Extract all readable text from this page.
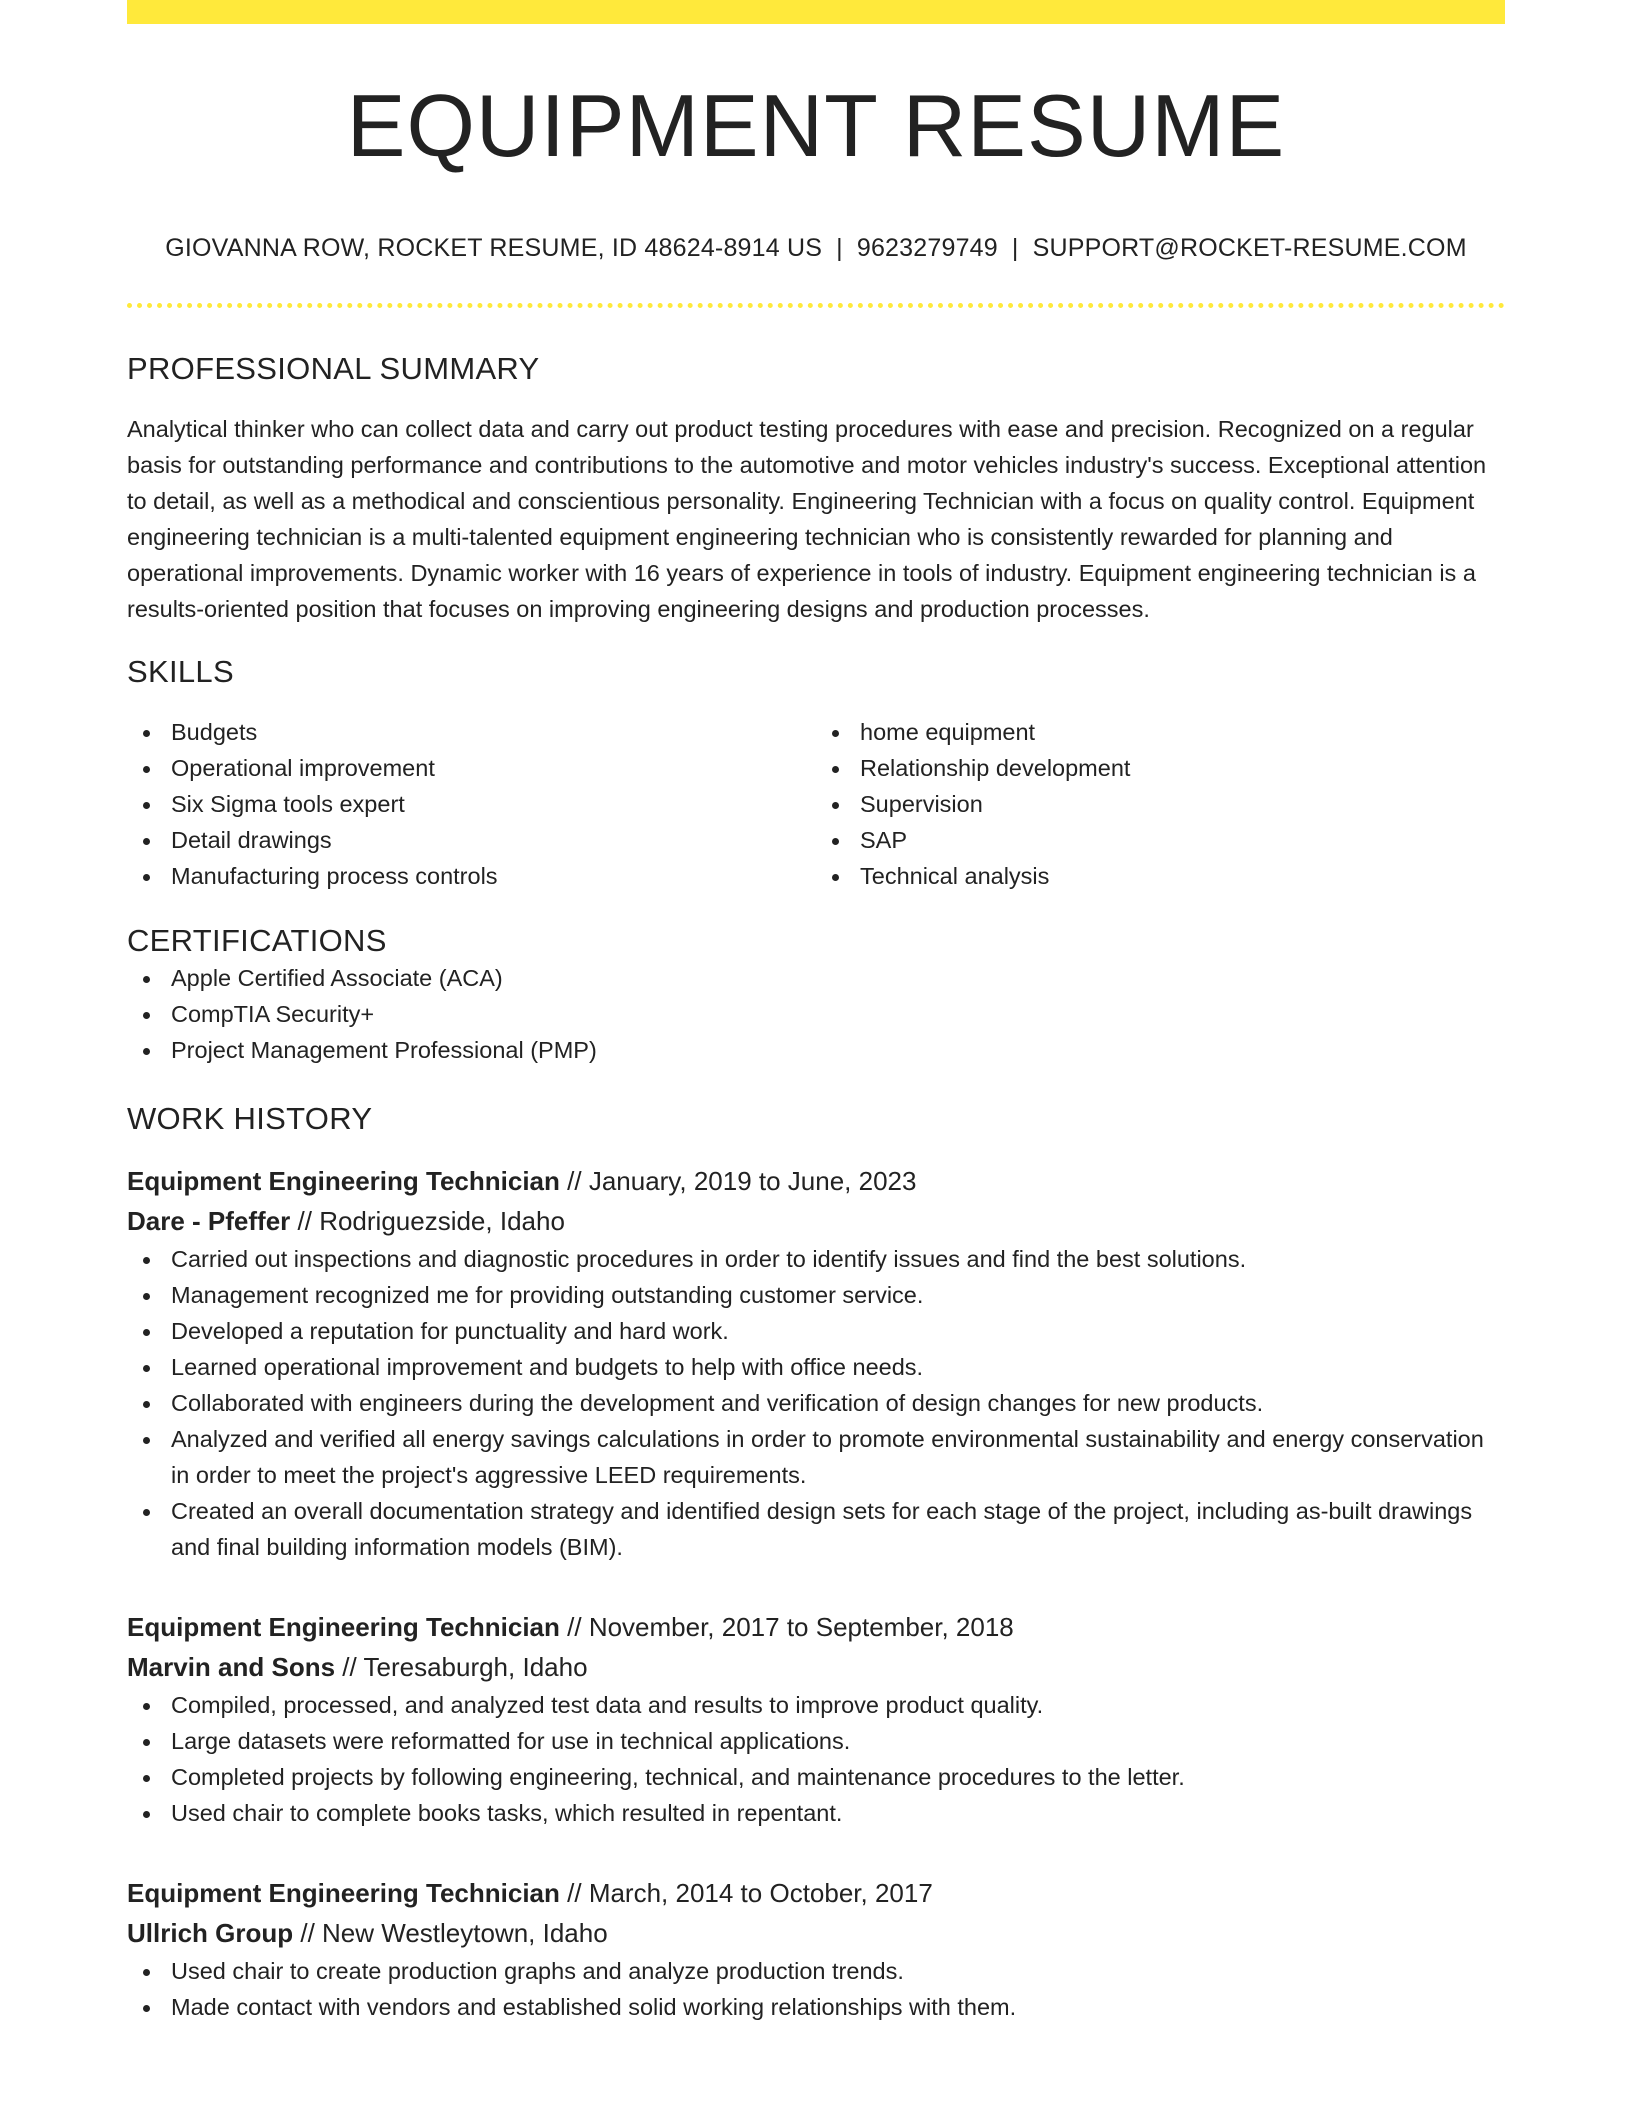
EQUIPMENT RESUME
GIOVANNA ROW, ROCKET RESUME, ID 48624-8914 US | 9623279749 | SUPPORT@ROCKET-RESUME.COM
PROFESSIONAL SUMMARY
Analytical thinker who can collect data and carry out product testing procedures with ease and precision. Recognized on a regular basis for outstanding performance and contributions to the automotive and motor vehicles industry's success. Exceptional attention to detail, as well as a methodical and conscientious personality. Engineering Technician with a focus on quality control. Equipment engineering technician is a multi-talented equipment engineering technician who is consistently rewarded for planning and operational improvements. Dynamic worker with 16 years of experience in tools of industry. Equipment engineering technician is a results-oriented position that focuses on improving engineering designs and production processes.
SKILLS
Budgets
Operational improvement
Six Sigma tools expert
Detail drawings
Manufacturing process controls
home equipment
Relationship development
Supervision
SAP
Technical analysis
CERTIFICATIONS
Apple Certified Associate (ACA)
CompTIA Security+
Project Management Professional (PMP)
WORK HISTORY
Equipment Engineering Technician // January, 2019 to June, 2023
Dare - Pfeffer // Rodriguezside, Idaho
Carried out inspections and diagnostic procedures in order to identify issues and find the best solutions.
Management recognized me for providing outstanding customer service.
Developed a reputation for punctuality and hard work.
Learned operational improvement and budgets to help with office needs.
Collaborated with engineers during the development and verification of design changes for new products.
Analyzed and verified all energy savings calculations in order to promote environmental sustainability and energy conservation in order to meet the project's aggressive LEED requirements.
Created an overall documentation strategy and identified design sets for each stage of the project, including as-built drawings and final building information models (BIM).
Equipment Engineering Technician // November, 2017 to September, 2018
Marvin and Sons // Teresaburgh, Idaho
Compiled, processed, and analyzed test data and results to improve product quality.
Large datasets were reformatted for use in technical applications.
Completed projects by following engineering, technical, and maintenance procedures to the letter.
Used chair to complete books tasks, which resulted in repentant.
Equipment Engineering Technician // March, 2014 to October, 2017
Ullrich Group // New Westleytown, Idaho
Used chair to create production graphs and analyze production trends.
Made contact with vendors and established solid working relationships with them.
